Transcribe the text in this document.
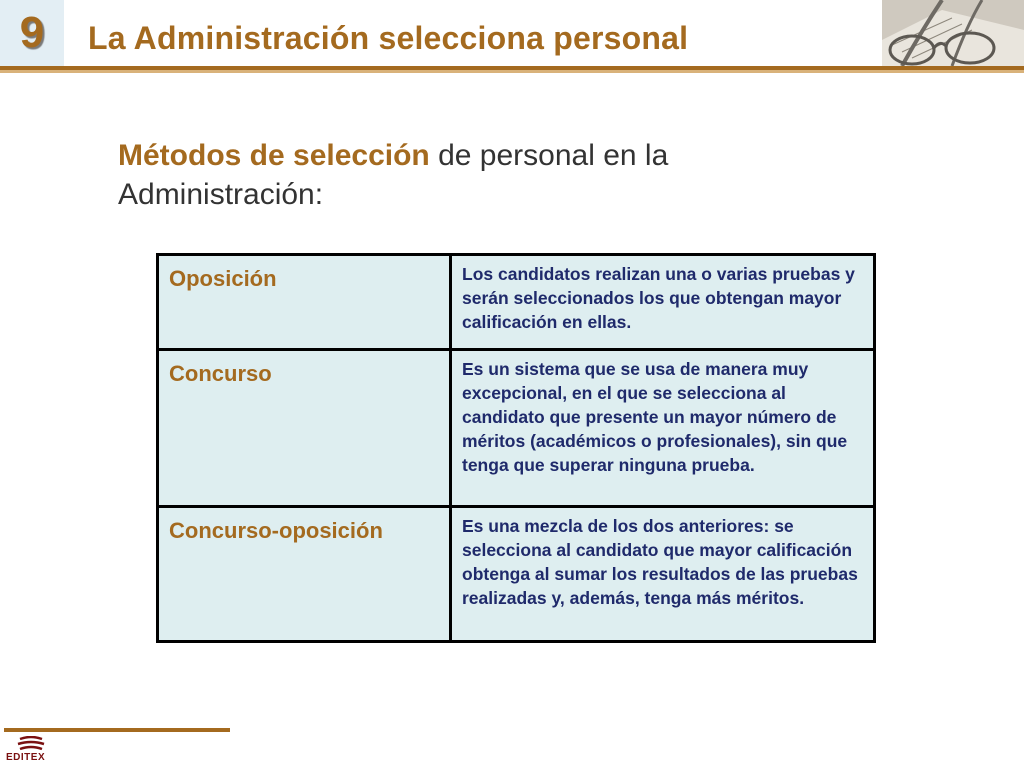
9 La Administración selecciona personal
Métodos de selección de personal en la
Administración:
Oposición	Los candidatos realizan una o varias pruebas y serán seleccionados los que obtengan mayor calificación en ellas.
Concurso	Es un sistema que se usa de manera muy excepcional, en el que se selecciona al candidato que presente un mayor número de méritos (académicos o profesionales), sin que tenga que superar ninguna prueba.
Concurso-oposición	Es una mezcla de los dos anteriores: se selecciona al candidato que mayor calificación obtenga al sumar los resultados de las pruebas realizadas y, además, tenga más méritos.
EDITEX
